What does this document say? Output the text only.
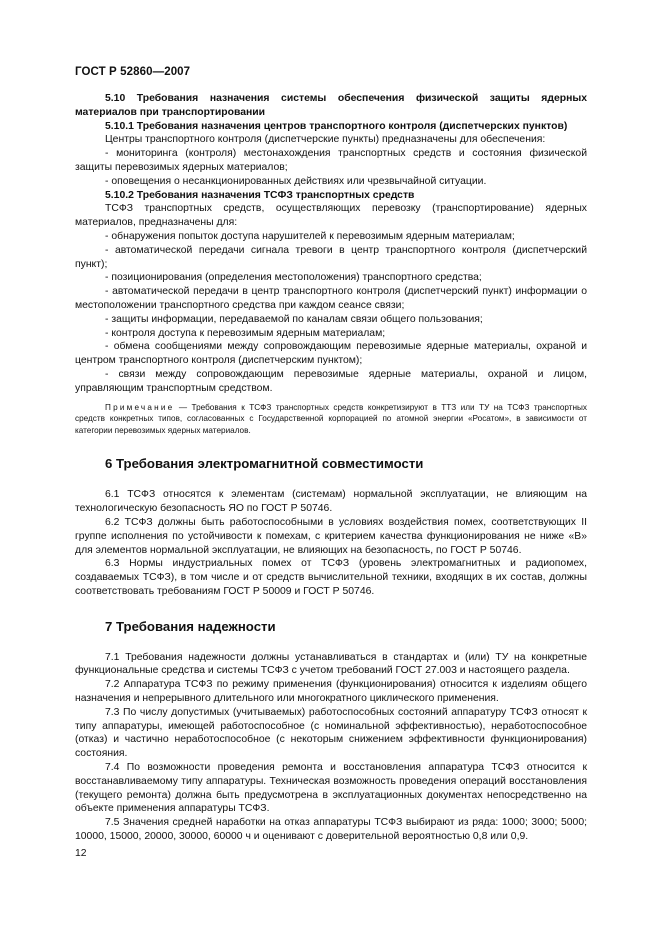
ГОСТ Р 52860—2007

5.10 Требования назначения системы обеспечения физической защиты ядерных материалов при транспортировании

5.10.1 Требования назначения центров транспортного контроля (диспетчерских пунктов)

Центры транспортного контроля (диспетчерские пункты) предназначены для обеспечения:

- мониторинга (контроля) местонахождения транспортных средств и состояния физической защиты перевозимых ядерных материалов;

- оповещения о несанкционированных действиях или чрезвычайной ситуации.

5.10.2 Требования назначения ТСФЗ транспортных средств

ТСФЗ транспортных средств, осуществляющих перевозку (транспортирование) ядерных материалов, предназначены для:

- обнаружения попыток доступа нарушителей к перевозимым ядерным материалам;

- автоматической передачи сигнала тревоги в центр транспортного контроля (диспетчерский пункт);

- позиционирования (определения местоположения) транспортного средства;

- автоматической передачи в центр транспортного контроля (диспетчерский пункт) информации о местоположении транспортного средства при каждом сеансе связи;

- защиты информации, передаваемой по каналам связи общего пользования;

- контроля доступа к перевозимым ядерным материалам;

- обмена сообщениями между сопровождающим перевозимые ядерные материалы, охраной и центром транспортного контроля (диспетчерским пунктом);

- связи между сопровождающим перевозимые ядерные материалы, охраной и лицом, управляющим транспортным средством.

Примечание — Требования к ТСФЗ транспортных средств конкретизируют в ТТЗ или ТУ на ТСФЗ транспортных средств конкретных типов, согласованных с Государственной корпорацией по атомной энергии «Росатом», в зависимости от категории перевозимых ядерных материалов.

6 Требования электромагнитной совместимости

6.1 ТСФЗ относятся к элементам (системам) нормальной эксплуатации, не влияющим на технологическую безопасность ЯО по ГОСТ Р 50746.

6.2 ТСФЗ должны быть работоспособными в условиях воздействия помех, соответствующих II группе исполнения по устойчивости к помехам, с критерием качества функционирования не ниже «В» для элементов нормальной эксплуатации, не влияющих на безопасность, по ГОСТ Р 50746.

6.3 Нормы индустриальных помех от ТСФЗ (уровень электромагнитных и радиопомех, создаваемых ТСФЗ), в том числе и от средств вычислительной техники, входящих в их состав, должны соответствовать требованиям ГОСТ Р 50009 и ГОСТ Р 50746.

7 Требования надежности

7.1 Требования надежности должны устанавливаться в стандартах и (или) ТУ на конкретные функциональные средства и системы ТСФЗ с учетом требований ГОСТ 27.003 и настоящего раздела.

7.2 Аппаратура ТСФЗ по режиму применения (функционирования) относится к изделиям общего назначения и непрерывного длительного или многократного циклического применения.

7.3 По числу допустимых (учитываемых) работоспособных состояний аппаратуру ТСФЗ относят к типу аппаратуры, имеющей работоспособное (с номинальной эффективностью), неработоспособное (отказ) и частично неработоспособное (с некоторым снижением эффективности функционирования) состояния.

7.4 По возможности проведения ремонта и восстановления аппаратура ТСФЗ относится к восстанавливаемому типу аппаратуры. Техническая возможность проведения операций восстановления (текущего ремонта) должна быть предусмотрена в эксплуатационных документах непосредственно на объекте применения аппаратуры ТСФЗ.

7.5 Значения средней наработки на отказ аппаратуры ТСФЗ выбирают из ряда: 1000; 3000; 5000; 10000, 15000, 20000, 30000, 60000 ч и оценивают с доверительной вероятностью 0,8 или 0,9.

12
